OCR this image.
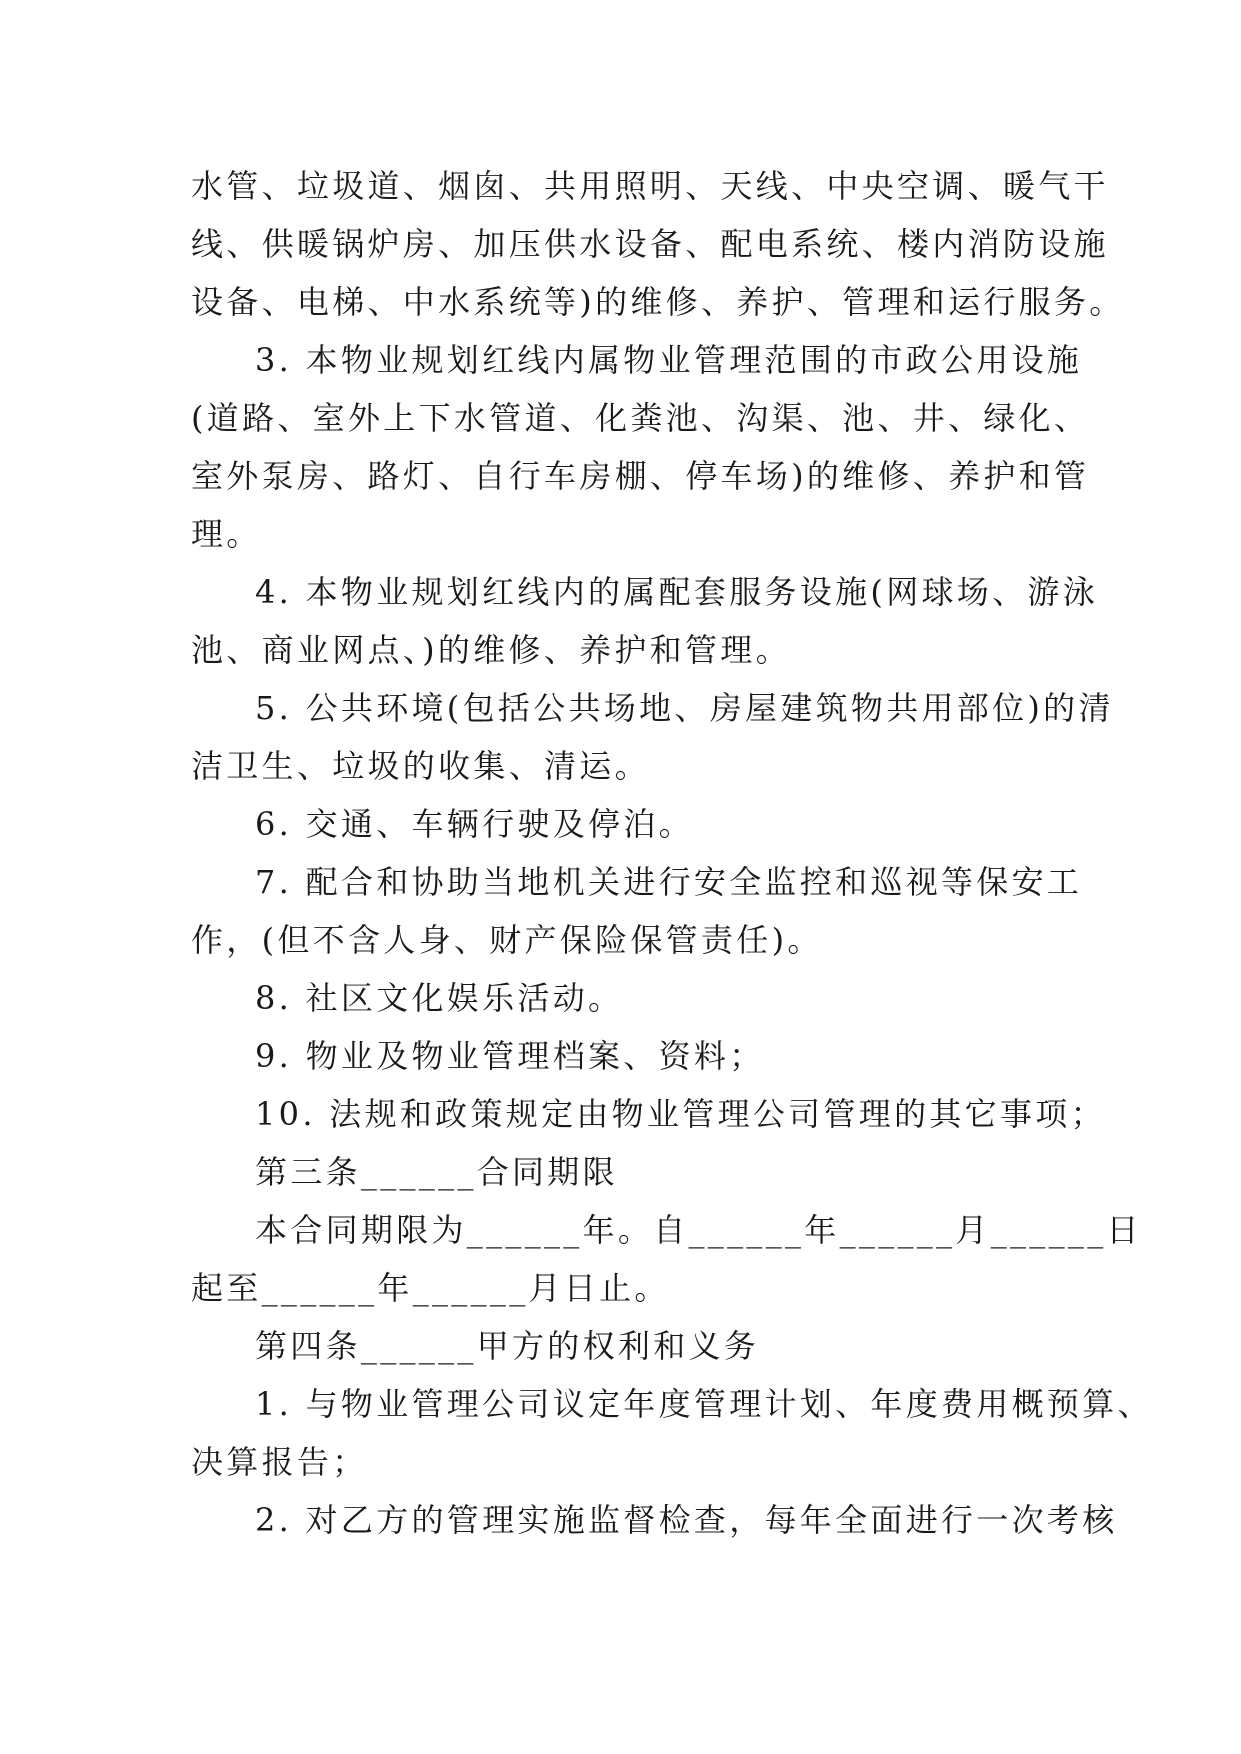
水管、垃圾道、烟囱、共用照明、天线、中央空调、暖气干
线、供暖锅炉房、加压供水设备、配电系统、楼内消防设施
设备、电梯、中水系统等)的维修、养护、管理和运行服务。
3. 本物业规划红线内属物业管理范围的市政公用设施
(道路、室外上下水管道、化粪池、沟渠、池、井、绿化、
室外泵房、路灯、自行车房棚、停车场)的维修、养护和管
理。
4. 本物业规划红线内的属配套服务设施(网球场、游泳
池、商业网点、)的维修、养护和管理。
5. 公共环境(包括公共场地、房屋建筑物共用部位)的清
洁卫生、垃圾的收集、清运。
6. 交通、车辆行驶及停泊。
7. 配合和协助当地机关进行安全监控和巡视等保安工
作，(但不含人身、财产保险保管责任)。
8. 社区文化娱乐活动。
9. 物业及物业管理档案、资料；
10. 法规和政策规定由物业管理公司管理的其它事项；
第三条______合同期限
本合同期限为______年。自______年______月______日
起至______年______月日止。
第四条______甲方的权利和义务
1. 与物业管理公司议定年度管理计划、年度费用概预算、
决算报告；
2. 对乙方的管理实施监督检查，每年全面进行一次考核
